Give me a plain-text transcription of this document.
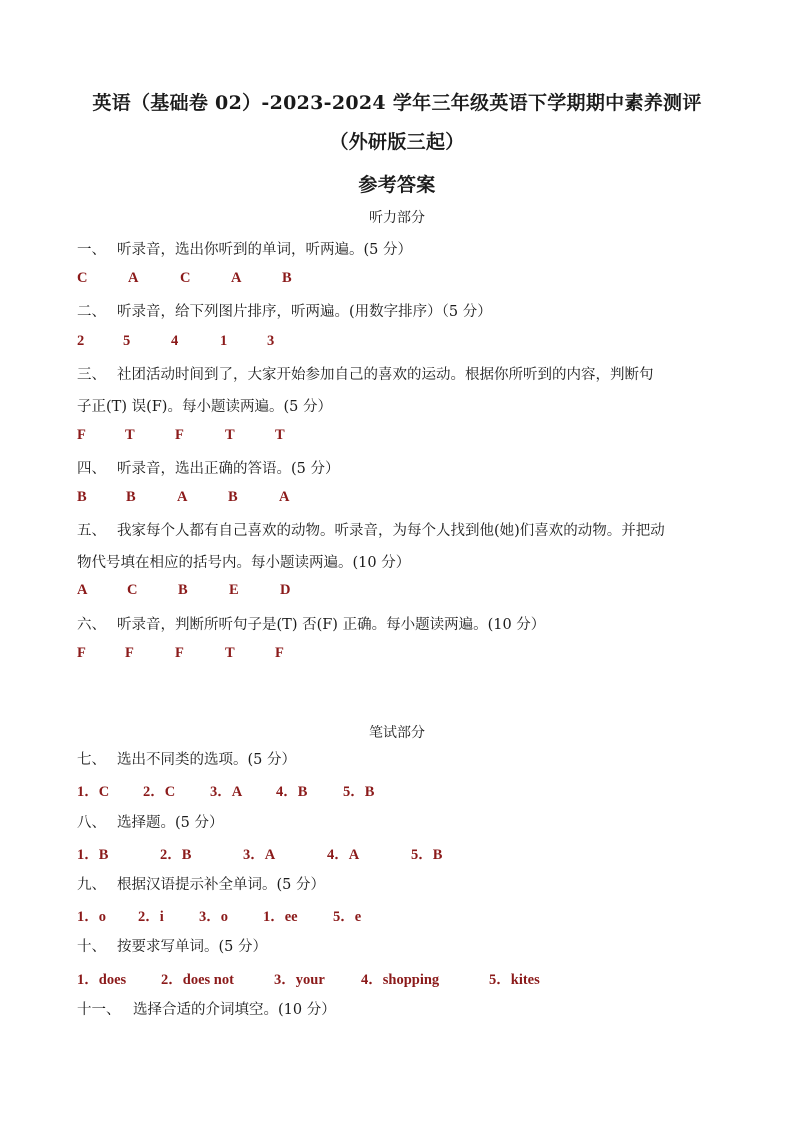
英语（基础卷 02）-2023-2024 学年三年级英语下学期期中素养测评
（外研版三起）
参考答案
听力部分
一、 听录音，选出你听到的单词，听两遍。(5 分）
C	A	C	A	B
二、 听录音，给下列图片排序，听两遍。(用数字排序）（5 分）
2	5	4	1	3
三、 社团活动时间到了，大家开始参加自己的喜欢的运动。根据你所听到的内容，判断句
子正(T) 误(F)。每小题读两遍。(5 分）
F	T	F	T	T
四、 听录音，选出正确的答语。(5 分）
B	B	A	B	A
五、 我家每个人都有自己喜欢的动物。听录音，为每个人找到他(她)们喜欢的动物。并把动
物代号填在相应的括号内。每小题读两遍。(10 分）
A	C	B	E	D
六、 听录音，判断所听句子是(T) 否(F) 正确。每小题读两遍。(10 分）
F	F	F	T	F
笔试部分
七、 选出不同类的选项。(5 分）
1．C 2．C 3．A 4．B 5．B
八、 选择题。(5 分）
1．B	2．B	3．A	4．A	5．B
九、 根据汉语提示补全单词。(5 分）
1．o 2．i 3．o 1．ee 5．e
十、 按要求写单词。(5 分）
1．does 2．does not	3．your	4．shopping	5．kites
十一、 选择合适的介词填空。(10 分）
